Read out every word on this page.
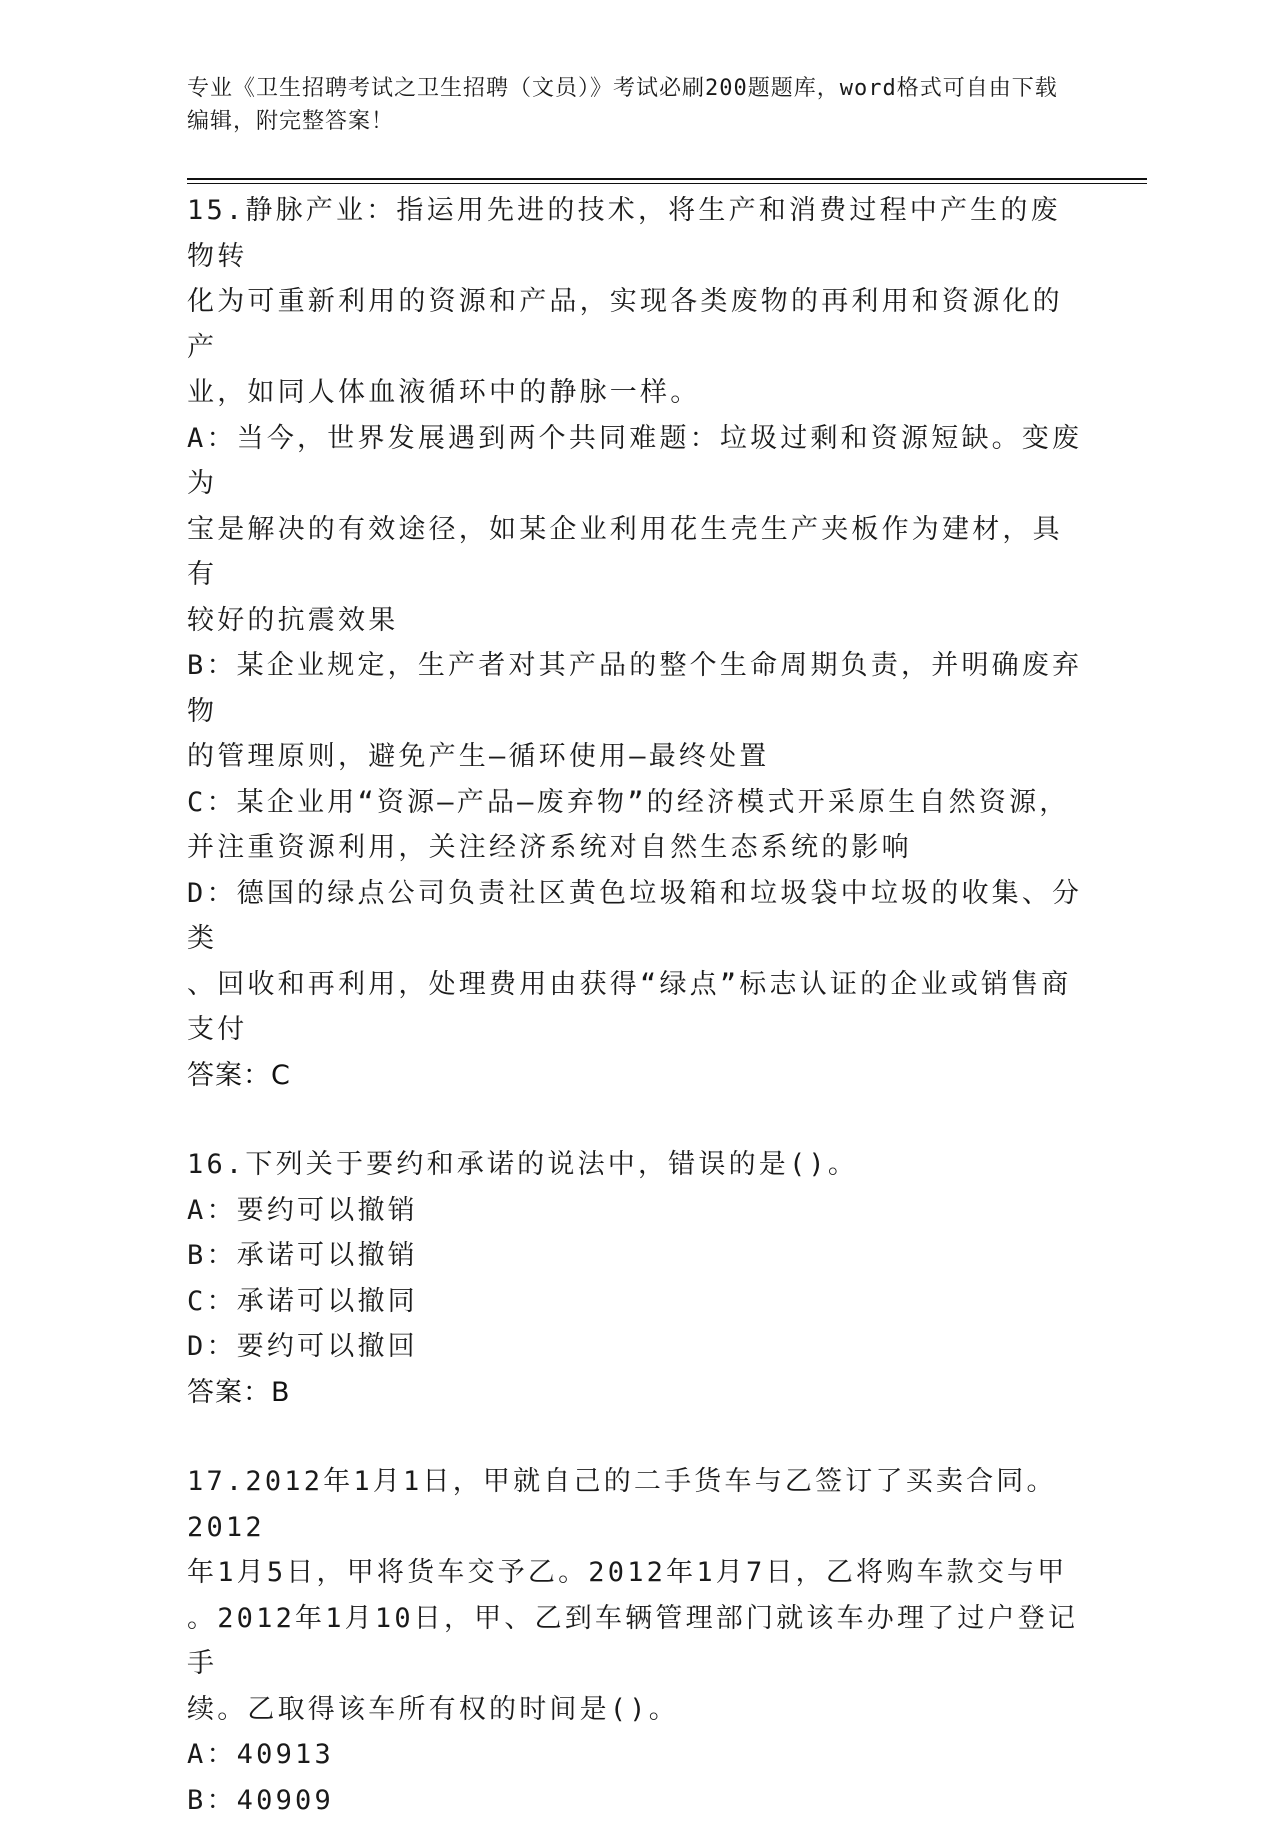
专业《卫生招聘考试之卫生招聘（文员）》考试必刷200题题库，word格式可自由下载编辑，附完整答案！
15.静脉产业：指运用先进的技术，将生产和消费过程中产生的废物转
化为可重新利用的资源和产品，实现各类废物的再利用和资源化的产
业，如同人体血液循环中的静脉一样。
A：当今，世界发展遇到两个共同难题：垃圾过剩和资源短缺。变废为
宝是解决的有效途径，如某企业利用花生壳生产夹板作为建材，具有
较好的抗震效果
B：某企业规定，生产者对其产品的整个生命周期负责，并明确废弃物
的管理原则，避免产生—循环使用—最终处置
C：某企业用“资源—产品—废弃物”的经济模式开采原生自然资源，
并注重资源利用，关注经济系统对自然生态系统的影响
D：德国的绿点公司负责社区黄色垃圾箱和垃圾袋中垃圾的收集、分类
、回收和再利用，处理费用由获得“绿点”标志认证的企业或销售商
支付
答案：C
16.下列关于要约和承诺的说法中，错误的是()。
A：要约可以撤销
B：承诺可以撤销
C：承诺可以撤同
D：要约可以撤回
答案：B
17.2012年1月1日，甲就自己的二手货车与乙签订了买卖合同。2012
年1月5日，甲将货车交予乙。2012年1月7日，乙将购车款交与甲
。2012年1月10日，甲、乙到车辆管理部门就该车办理了过户登记手
续。乙取得该车所有权的时间是()。
A：40913
B：40909
